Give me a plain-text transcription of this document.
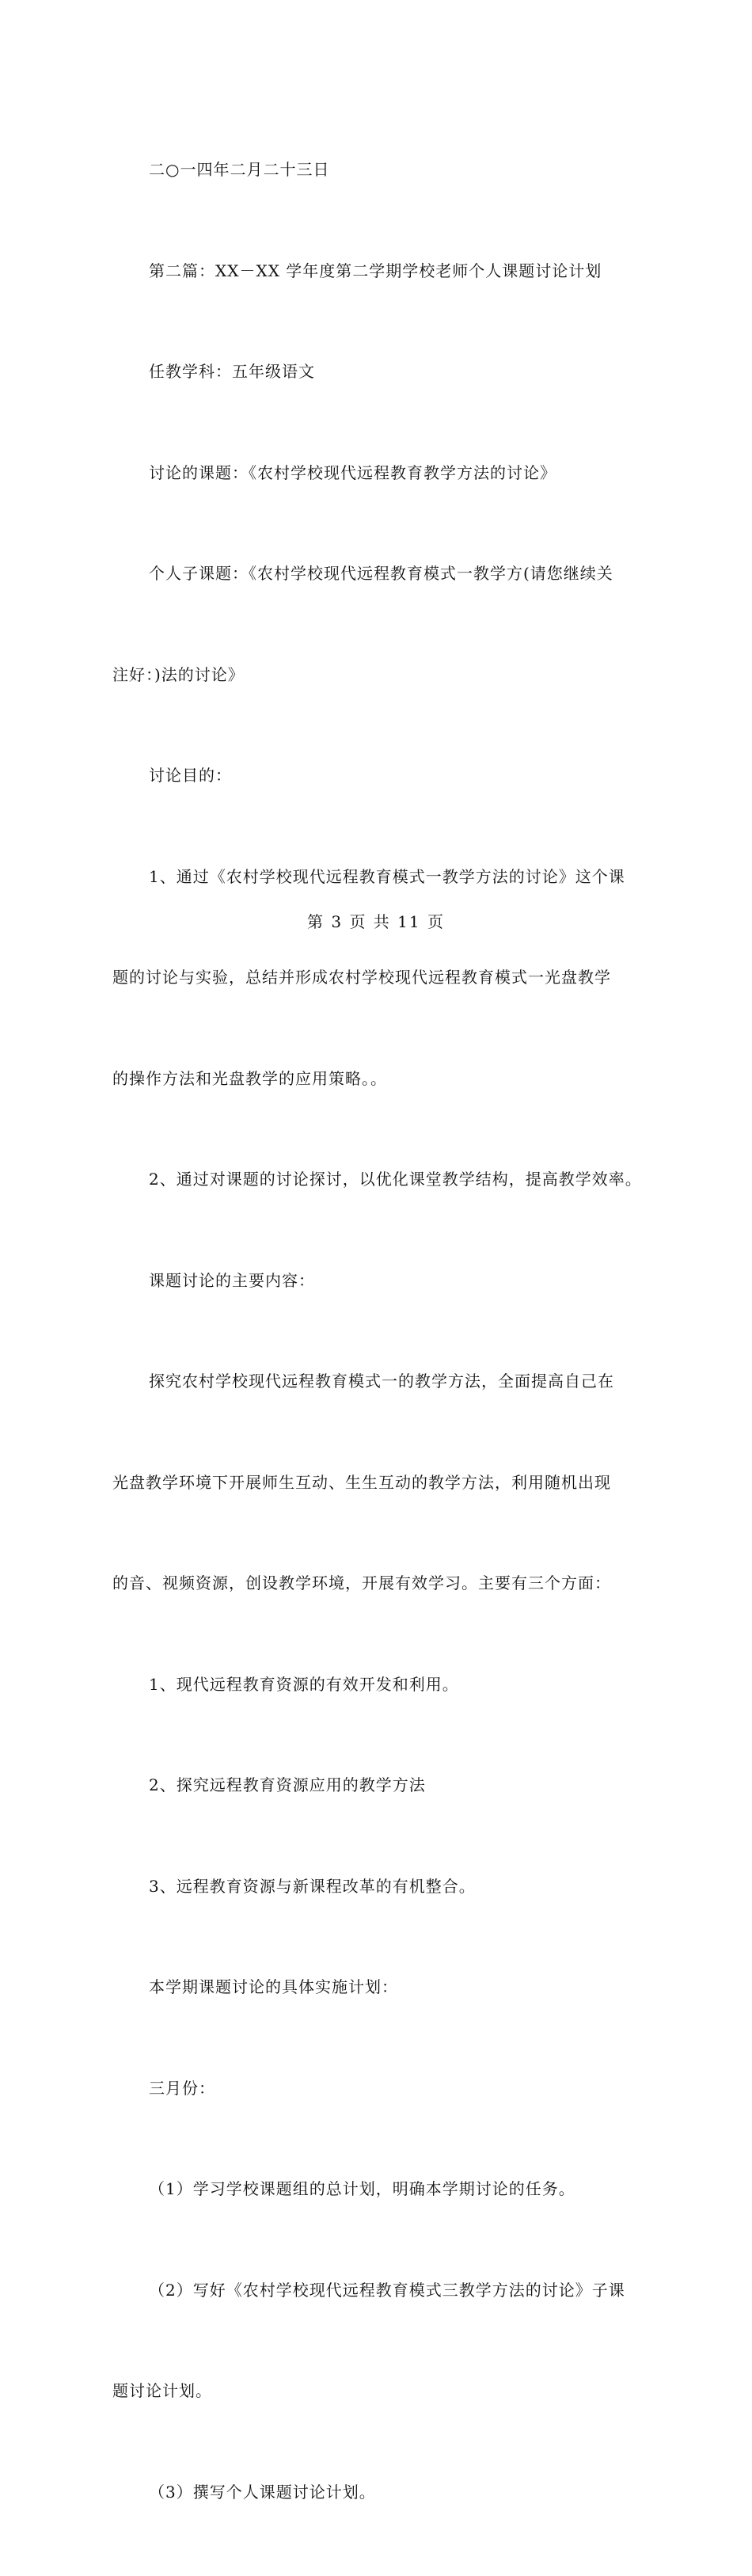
二○一四年二月二十三日

第二篇：XX－XX 学年度第二学期学校老师个人课题讨论计划

任教学科：五年级语文

讨论的课题：《农村学校现代远程教育教学方法的讨论》

个人子课题：《农村学校现代远程教育模式一教学方(请您继续关

注好：)法的讨论》

讨论目的：

1、通过《农村学校现代远程教育模式一教学方法的讨论》这个课

题的讨论与实验，总结并形成农村学校现代远程教育模式一光盘教学

的操作方法和光盘教学的应用策略。。

2、通过对课题的讨论探讨，以优化课堂教学结构，提高教学效率。

课题讨论的主要内容：

探究农村学校现代远程教育模式一的教学方法，全面提高自己在

光盘教学环境下开展师生互动、生生互动的教学方法，利用随机出现

的音、视频资源，创设教学环境，开展有效学习。主要有三个方面：

1、现代远程教育资源的有效开发和利用。

2、探究远程教育资源应用的教学方法

3、远程教育资源与新课程改革的有机整合。

本学期课题讨论的具体实施计划：

三月份：

（1）学习学校课题组的总计划，明确本学期讨论的任务。

（2）写好《农村学校现代远程教育模式三教学方法的讨论》子课

题讨论计划。

（3）撰写个人课题讨论计划。

第 3 页 共 11 页
